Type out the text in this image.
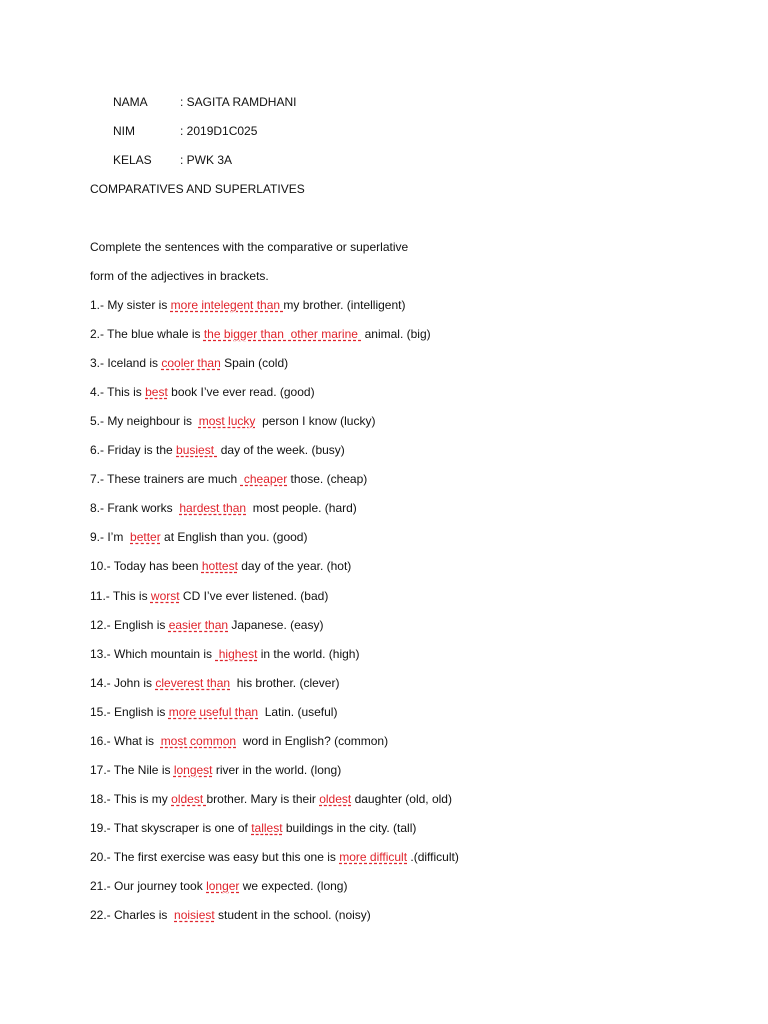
NAMA	: SAGITA RAMDHANI
NIM	: 2019D1C025
KELAS : PWK 3A
COMPARATIVES AND SUPERLATIVES
Complete the sentences with the comparative or superlative
form of the adjectives in brackets.
1.- My sister is more intelegent than my brother. (intelligent)
2.- The blue whale is the bigger than  other marine  animal. (big)
3.- Iceland is cooler than Spain (cold)
4.- This is best book I’ve ever read. (good)
5.- My neighbour is  most lucky  person I know (lucky)
6.- Friday is the busiest  day of the week. (busy)
7.- These trainers are much  cheaper those. (cheap)
8.- Frank works  hardest than  most people. (hard)
9.- I’m  better at English than you. (good)
10.- Today has been hottest day of the year. (hot)
11.- This is worst CD I’ve ever listened. (bad)
12.- English is easier than Japanese. (easy)
13.- Which mountain is  highest in the world. (high)
14.- John is cleverest than  his brother. (clever)
15.- English is more useful than  Latin. (useful)
16.- What is  most common  word in English? (common)
17.- The Nile is longest river in the world. (long)
18.- This is my oldest brother. Mary is their oldest daughter (old, old)
19.- That skyscraper is one of tallest buildings in the city. (tall)
20.- The first exercise was easy but this one is more difficult .(difficult)
21.- Our journey took longer we expected. (long)
22.- Charles is  noisiest student in the school. (noisy)
